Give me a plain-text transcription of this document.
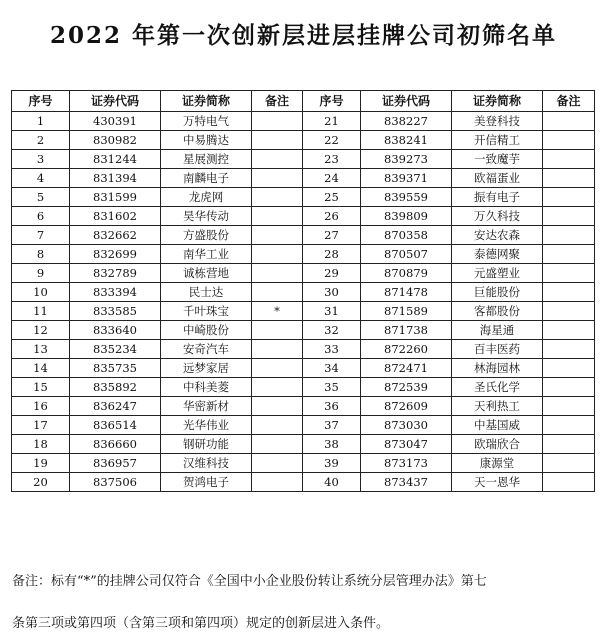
2022 年第一次创新层进层挂牌公司初筛名单
序号	证券代码	证券简称	备注	序号	证券代码	证券简称	备注
1	430391	万特电气		21	838227	美登科技	
2	830982	中易腾达		22	838241	开信精工	
3	831244	星展测控		23	839273	一致魔芋	
4	831394	南麟电子		24	839371	欧福蛋业	
5	831599	龙虎网		25	839559	振有电子	
6	831602	昊华传动		26	839809	万久科技	
7	832662	方盛股份		27	870358	安达农森	
8	832699	南华工业		28	870507	泰德网聚	
9	832789	诚栋营地		29	870879	元盛塑业	
10	833394	民士达		30	871478	巨能股份	
11	833585	千叶珠宝	*	31	871589	客都股份	
12	833640	中崎股份		32	871738	海星通	
13	835234	安奇汽车		33	872260	百丰医药	
14	835735	远梦家居		34	872471	林海园林	
15	835892	中科美菱		35	872539	圣氏化学	
16	836247	华密新材		36	872609	天利热工	
17	836514	光华伟业		37	873030	中基国威	
18	836660	钢研功能		38	873047	欧瑞欣合	
19	836957	汉维科技		39	873173	康源堂	
20	837506	贺鸿电子		40	873437	天一恩华	
备注：标有“*”的挂牌公司仅符合《全国中小企业股份转让系统分层管理办法》第七
条第三项或第四项（含第三项和第四项）规定的创新层进入条件。
